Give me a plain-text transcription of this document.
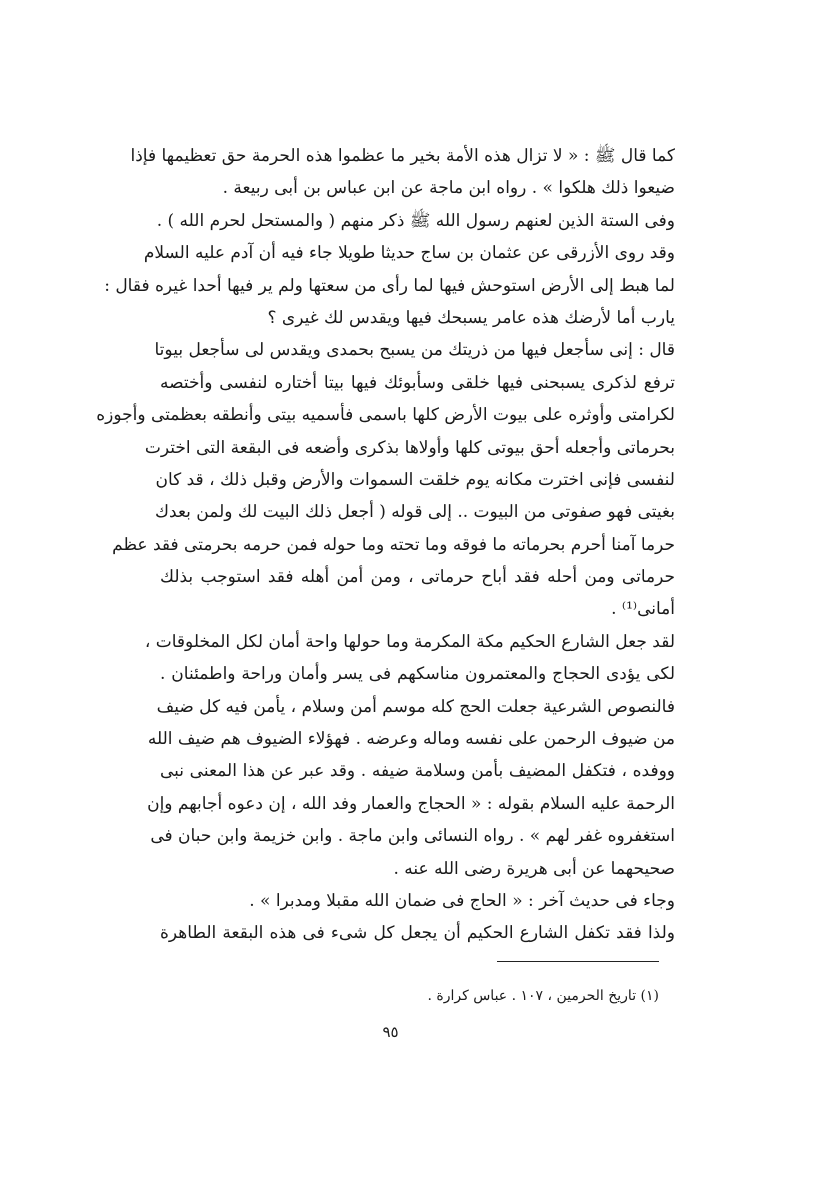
كما قال ﷺ : « لا تزال هذه الأمة بخير ما عظموا هذه الحرمة حق تعظيمها فإذا
ضيعوا ذلك هلكوا » . رواه ابن ماجة عن ابن عباس بن أبى ربيعة .
وفى الستة الذين لعنهم رسول الله ﷺ ذكر منهم ( والمستحل لحرم الله ) .
وقد روى الأزرقى عن عثمان بن ساج حديثا طويلا جاء فيه أن آدم عليه السلام
لما هبط إلى الأرض استوحش فيها لما رأى من سعتها ولم ير فيها أحدا غيره فقال :
يارب أما لأرضك هذه عامر يسبحك فيها ويقدس لك غيرى ؟
قال : إنى سأجعل فيها من ذريتك من يسبح بحمدى ويقدس لى سأجعل بيوتا
ترفع لذكرى يسبحنى فيها خلقى وسأبوئك فيها بيتا أختاره لنفسى وأختصه
لكرامتى وأوثره على بيوت الأرض كلها باسمى فأسميه بيتى وأنطقه بعظمتى وأجوزه
بحرماتى وأجعله أحق بيوتى كلها وأولاها بذكرى وأضعه فى البقعة التى اخترت
لنفسى فإنى اخترت مكانه يوم خلقت السموات والأرض وقبل ذلك ، قد كان
بغيتى فهو صفوتى من البيوت .. إلى قوله ( أجعل ذلك البيت لك ولمن بعدك
حرما آمنا أحرم بحرماته ما فوقه وما تحته وما حوله فمن حرمه بحرمتى فقد عظم
حرماتى ومن أحله فقد أباح حرماتى ، ومن أمن أهله فقد استوجب بذلك
أمانى⁽¹⁾ .
لقد جعل الشارع الحكيم مكة المكرمة وما حولها واحة أمان لكل المخلوقات ،
لكى يؤدى الحجاج والمعتمرون مناسكهم فى يسر وأمان وراحة واطمئنان .
فالنصوص الشرعية جعلت الحج كله موسم أمن وسلام ، يأمن فيه كل ضيف
من ضيوف الرحمن على نفسه وماله وعرضه . فهؤلاء الضيوف هم ضيف الله
ووفده ، فتكفل المضيف بأمن وسلامة ضيفه . وقد عبر عن هذا المعنى نبى
الرحمة عليه السلام بقوله : « الحجاج والعمار وفد الله ، إن دعوه أجابهم وإن
استغفروه غفر لهم » . رواه النسائى وابن ماجة . وابن خزيمة وابن حبان فى
صحيحهما عن أبى هريرة رضى الله عنه .
وجاء فى حديث آخر : « الحاج فى ضمان الله مقبلا ومدبرا » .
ولذا فقد تكفل الشارع الحكيم أن يجعل كل شىء فى هذه البقعة الطاهرة
(١) تاريخ الحرمين ، ١٠٧ . عباس كرارة .
٩٥
